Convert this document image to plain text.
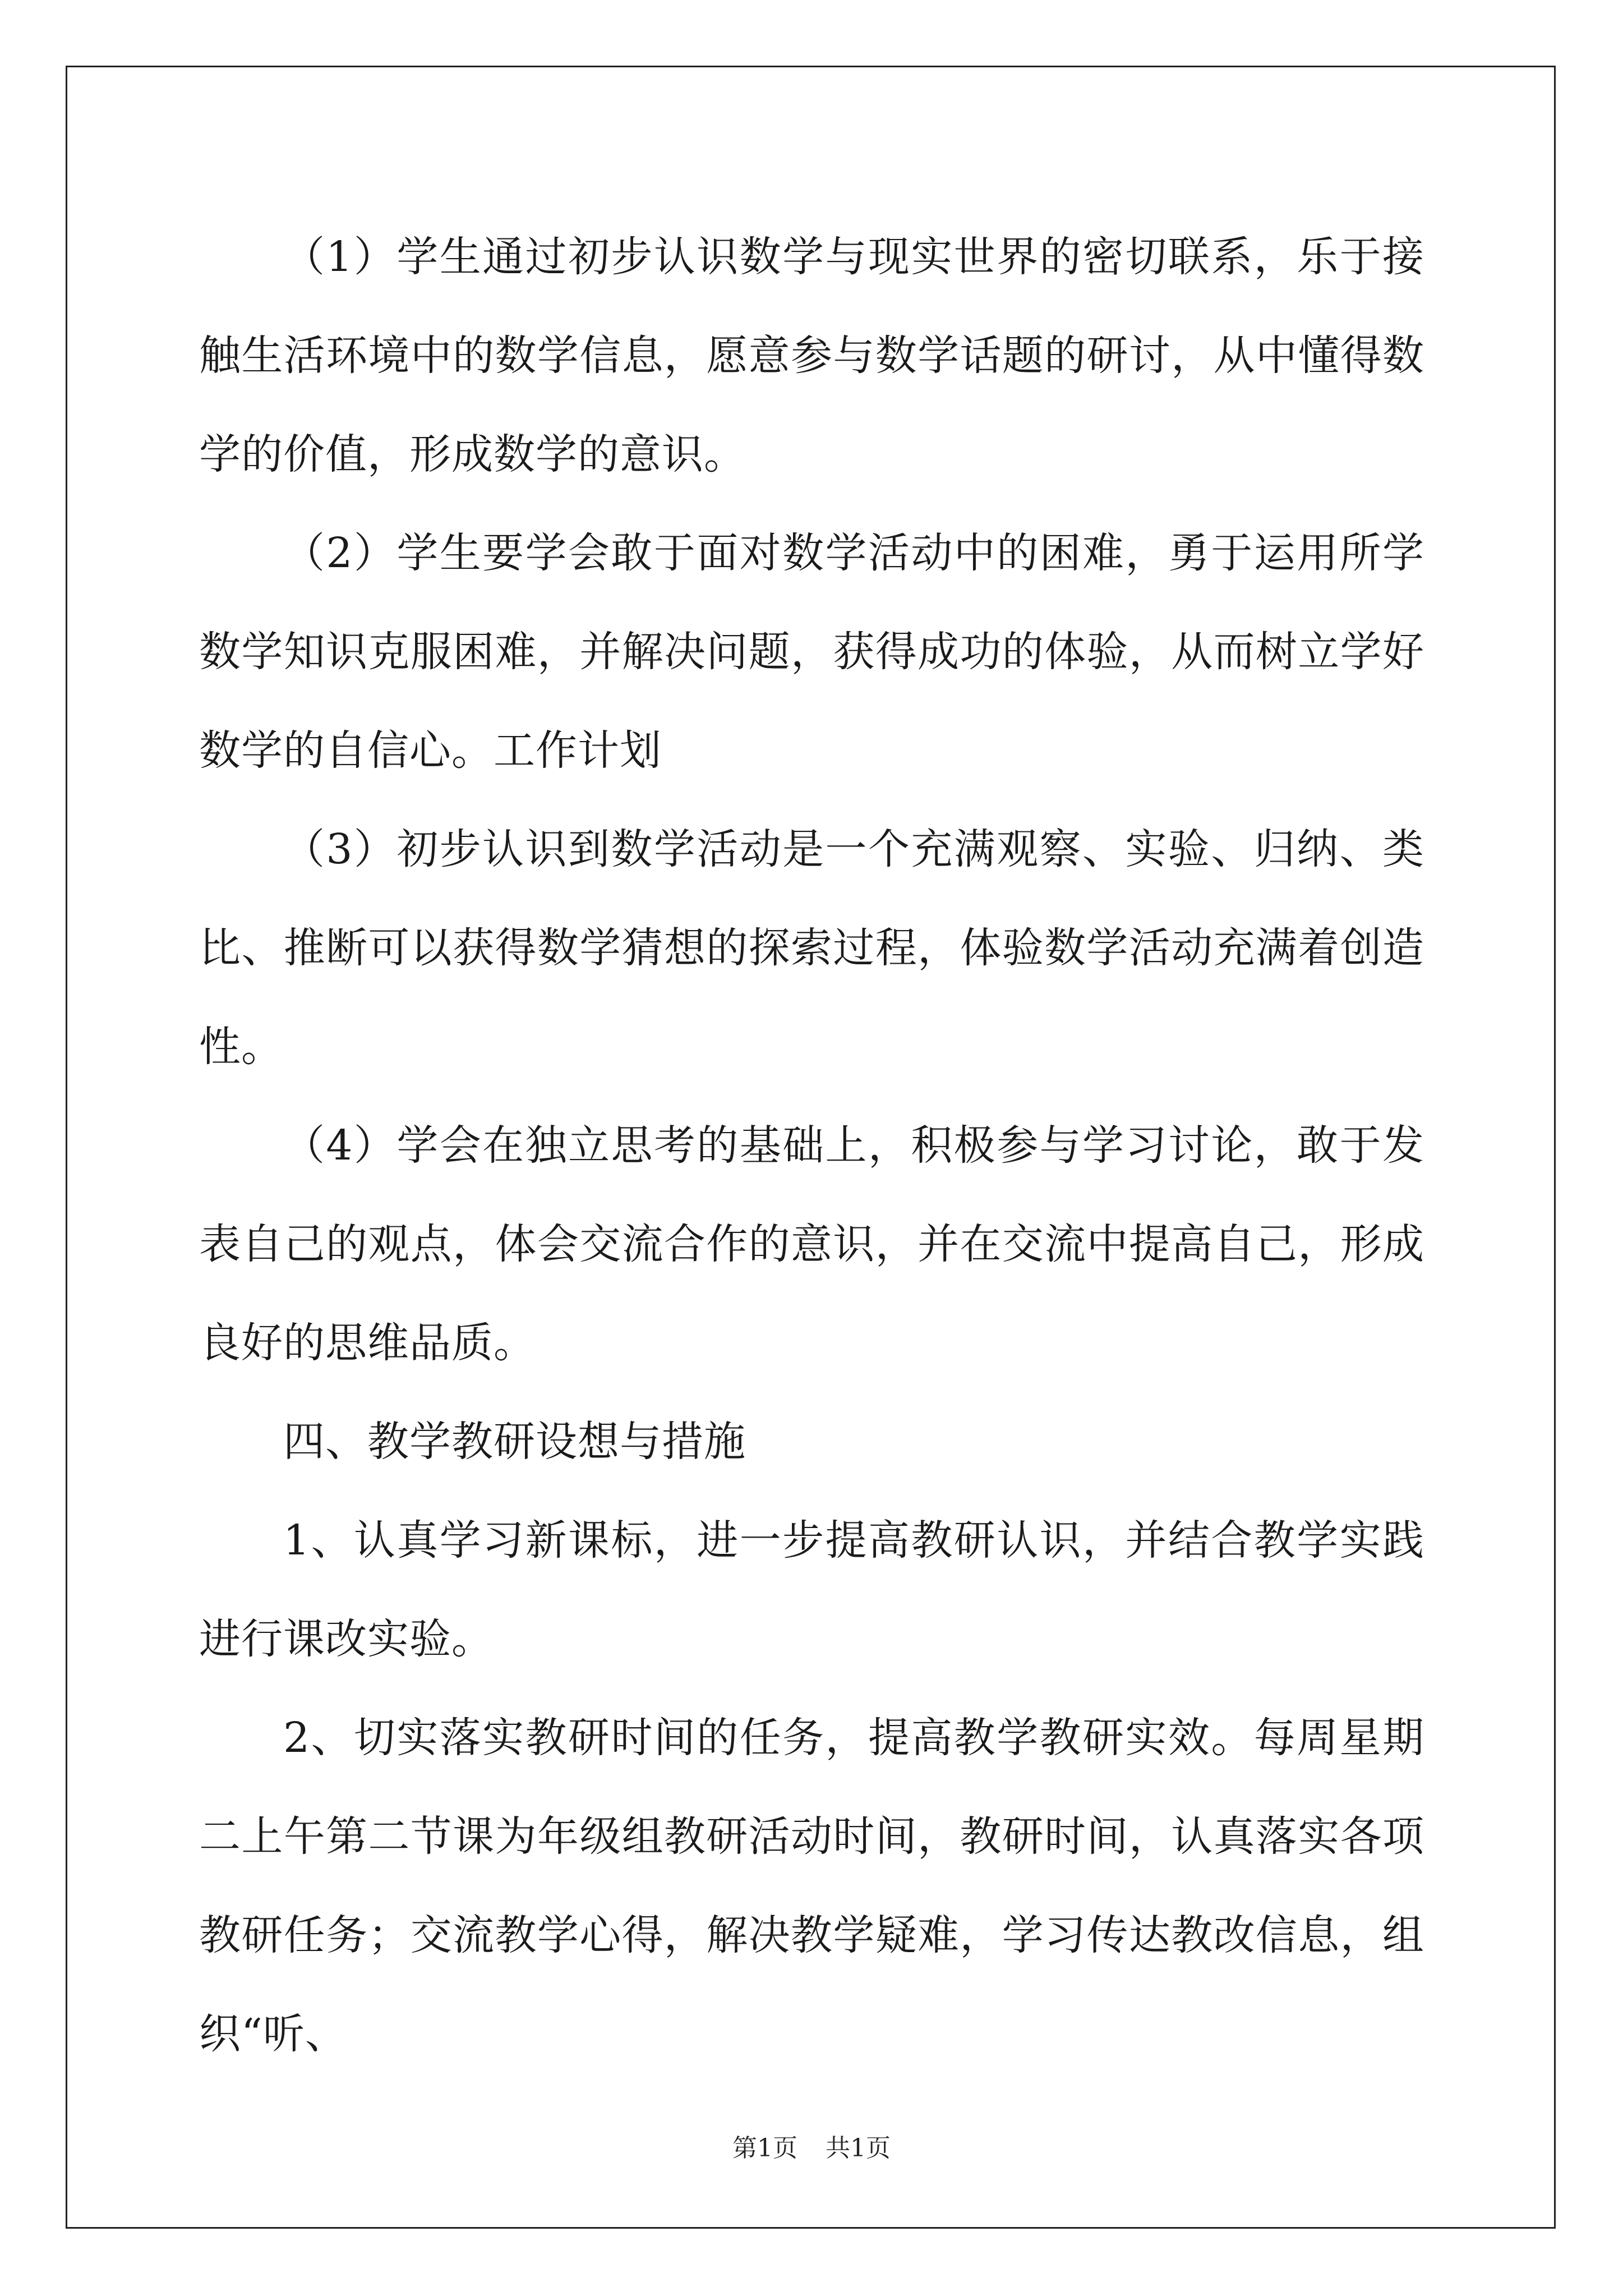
（1）学生通过初步认识数学与现实世界的密切联系，乐于接触生活环境中的数学信息，愿意参与数学话题的研讨，从中懂得数学的价值，形成数学的意识。

（2）学生要学会敢于面对数学活动中的困难，勇于运用所学数学知识克服困难，并解决问题，获得成功的体验，从而树立学好数学的自信心。工作计划

（3）初步认识到数学活动是一个充满观察、实验、归纳、类比、推断可以获得数学猜想的探索过程，体验数学活动充满着创造性。

（4）学会在独立思考的基础上，积极参与学习讨论，敢于发表自己的观点，体会交流合作的意识，并在交流中提高自己，形成良好的思维品质。

四、教学教研设想与措施

1、认真学习新课标，进一步提高教研认识，并结合教学实践进行课改实验。

2、切实落实教研时间的任务，提高教学教研实效。每周星期二上午第二节课为年级组教研活动时间，教研时间，认真落实各项教研任务；交流教学心得，解决教学疑难，学习传达教改信息，组织“听、

第1页 共1页
